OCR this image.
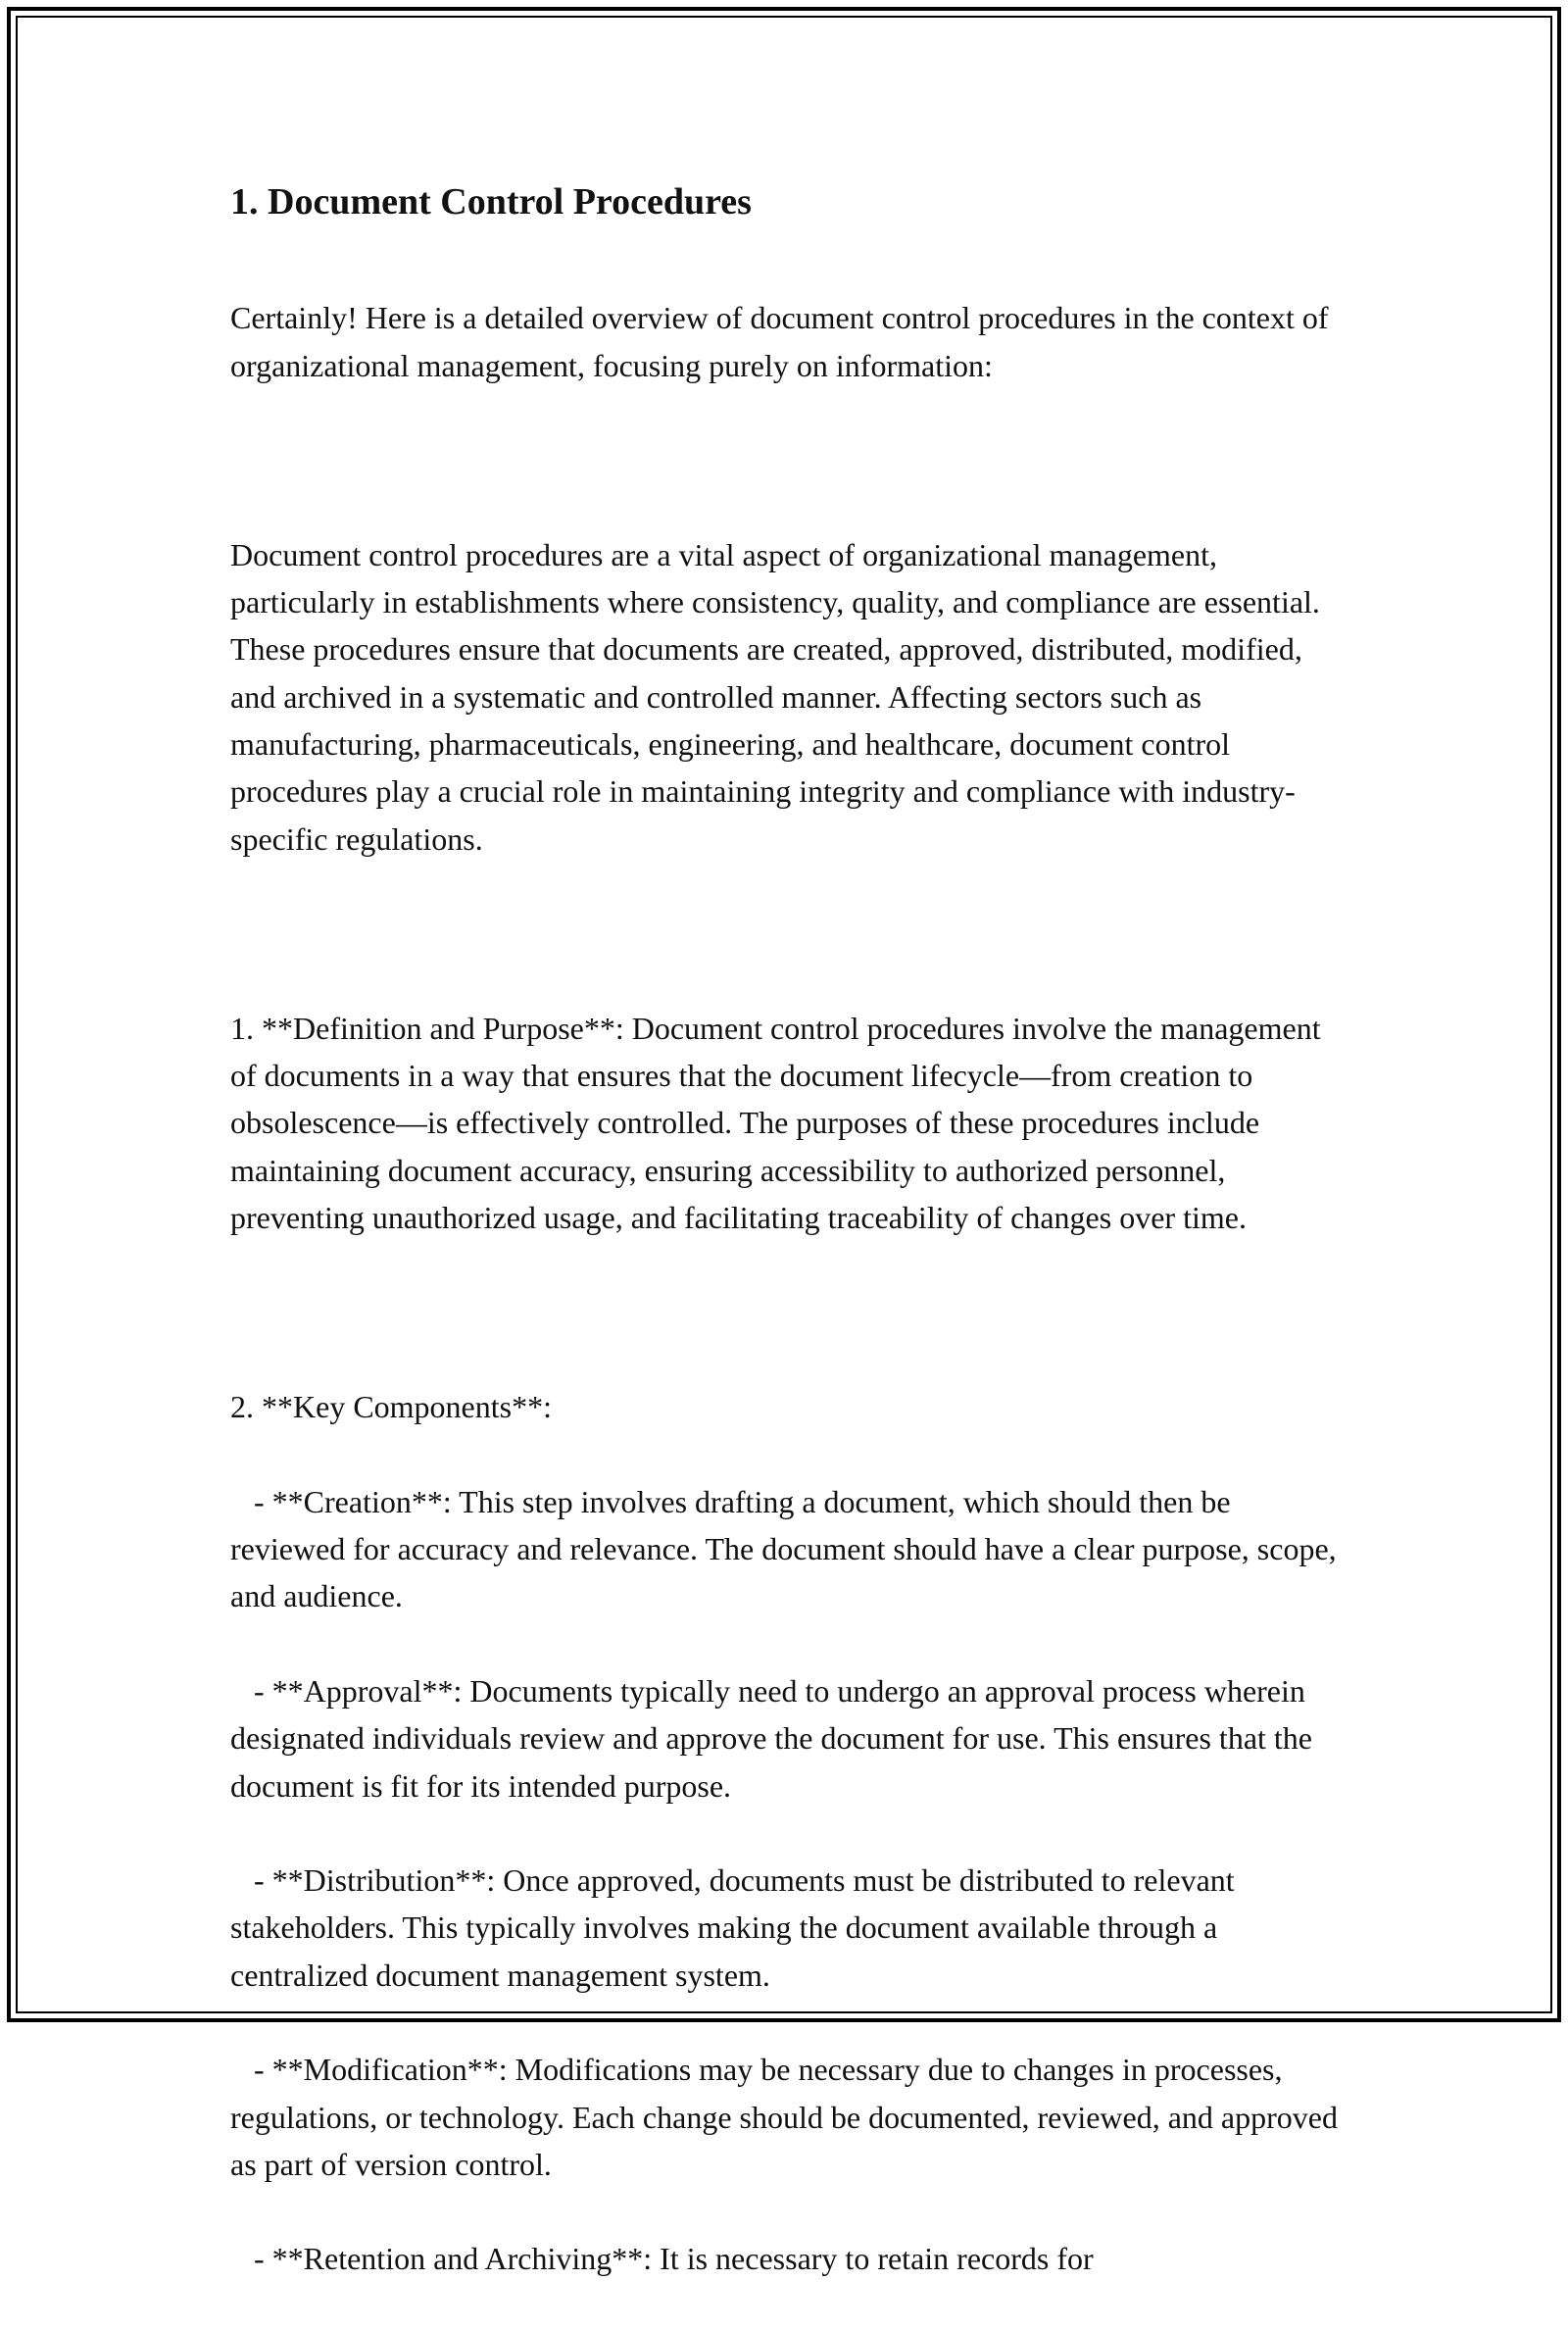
1. Document Control Procedures

Certainly! Here is a detailed overview of document control procedures in the context of organizational management, focusing purely on information:

Document control procedures are a vital aspect of organizational management, particularly in establishments where consistency, quality, and compliance are essential. These procedures ensure that documents are created, approved, distributed, modified, and archived in a systematic and controlled manner. Affecting sectors such as manufacturing, pharmaceuticals, engineering, and healthcare, document control procedures play a crucial role in maintaining integrity and compliance with industry-specific regulations.

1. **Definition and Purpose**: Document control procedures involve the management of documents in a way that ensures that the document lifecycle—from creation to obsolescence—is effectively controlled. The purposes of these procedures include maintaining document accuracy, ensuring accessibility to authorized personnel, preventing unauthorized usage, and facilitating traceability of changes over time.

2. **Key Components**:

- **Creation**: This step involves drafting a document, which should then be reviewed for accuracy and relevance. The document should have a clear purpose, scope, and audience.

- **Approval**: Documents typically need to undergo an approval process wherein designated individuals review and approve the document for use. This ensures that the document is fit for its intended purpose.

- **Distribution**: Once approved, documents must be distributed to relevant stakeholders. This typically involves making the document available through a centralized document management system.

- **Modification**: Modifications may be necessary due to changes in processes, regulations, or technology. Each change should be documented, reviewed, and approved as part of version control.

- **Retention and Archiving**: It is necessary to retain records for
